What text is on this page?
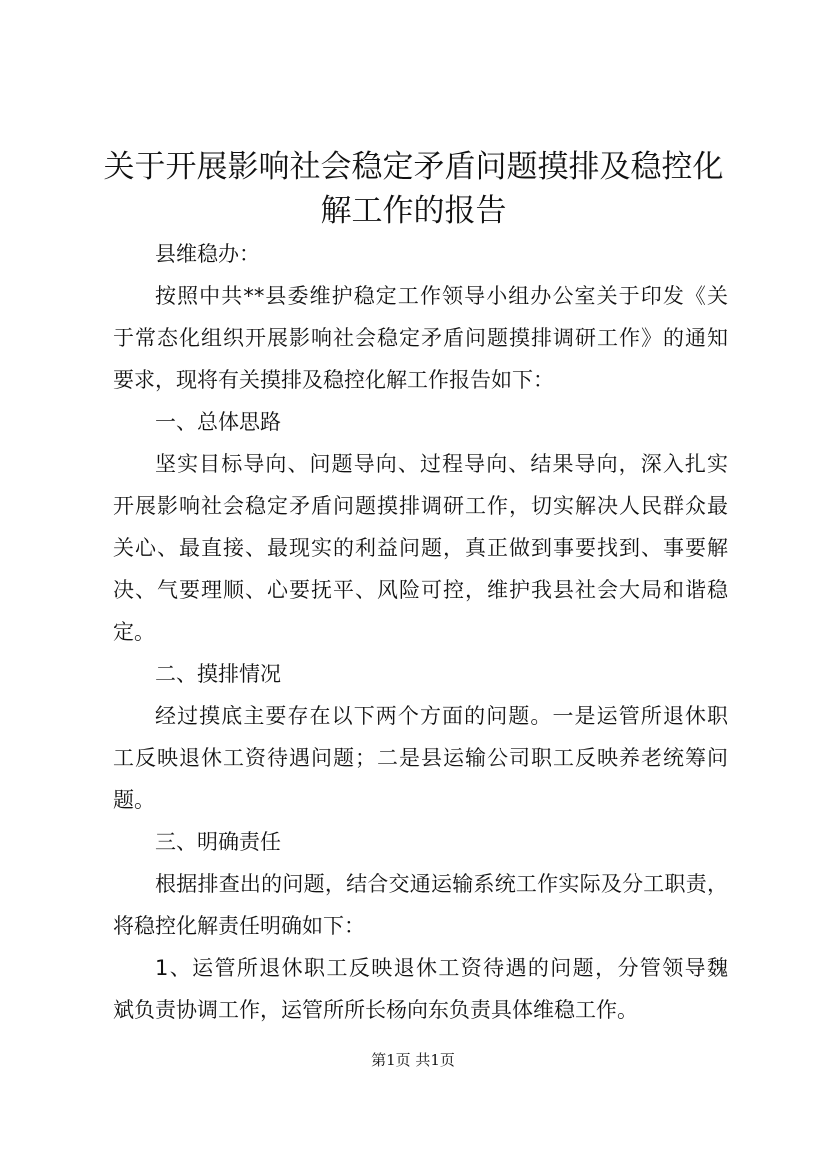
关于开展影响社会稳定矛盾问题摸排及稳控化
解工作的报告
县维稳办：
按照中共**县委维护稳定工作领导小组办公室关于印发《关
于常态化组织开展影响社会稳定矛盾问题摸排调研工作》的通知
要求，现将有关摸排及稳控化解工作报告如下：
一、总体思路
坚实目标导向、问题导向、过程导向、结果导向，深入扎实
开展影响社会稳定矛盾问题摸排调研工作，切实解决人民群众最
关心、最直接、最现实的利益问题，真正做到事要找到、事要解
决、气要理顺、心要抚平、风险可控，维护我县社会大局和谐稳
定。
二、摸排情况
经过摸底主要存在以下两个方面的问题。一是运管所退休职
工反映退休工资待遇问题；二是县运输公司职工反映养老统筹问
题。
三、明确责任
根据排查出的问题，结合交通运输系统工作实际及分工职责，
将稳控化解责任明确如下：
1、运管所退休职工反映退休工资待遇的问题，分管领导魏
斌负责协调工作，运管所所长杨向东负责具体维稳工作。
第1页 共1页
